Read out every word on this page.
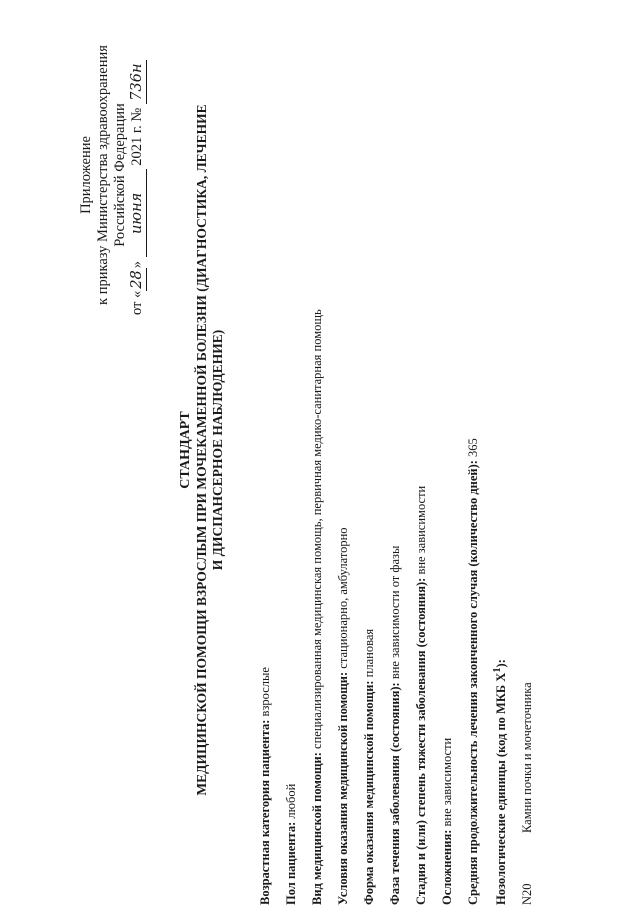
Приложение к приказу Министерства здравоохранения Российской Федерации
от «28» июня 2021 г. № 736н
СТАНДАРТ МЕДИЦИНСКОЙ ПОМОЩИ ВЗРОСЛЫМ ПРИ МОЧЕКАМЕННОЙ БОЛЕЗНИ (ДИАГНОСТИКА, ЛЕЧЕНИЕ И ДИСПАНСЕРНОЕ НАБЛЮДЕНИЕ)
Возрастная категория пациента: взрослые
Пол пациента: любой Вид медицинской помощи: специализированная медицинская помощь, первичная медико-санитарная помощь
Условия оказания медицинской помощи: стационарно, амбулаторно
Форма оказания медицинской помощи: плановая
Фаза течения заболевания (состояния): вне зависимости от фазы Стадия и (или) степень тяжести заболевания (состояния): вне зависимости
Осложнения: вне зависимости Средняя продолжительность лечения законченного случая (количество дней): 365
Нозологические единицы (код по МКБ $X^1$):
N20Камни почки и мочеточника
